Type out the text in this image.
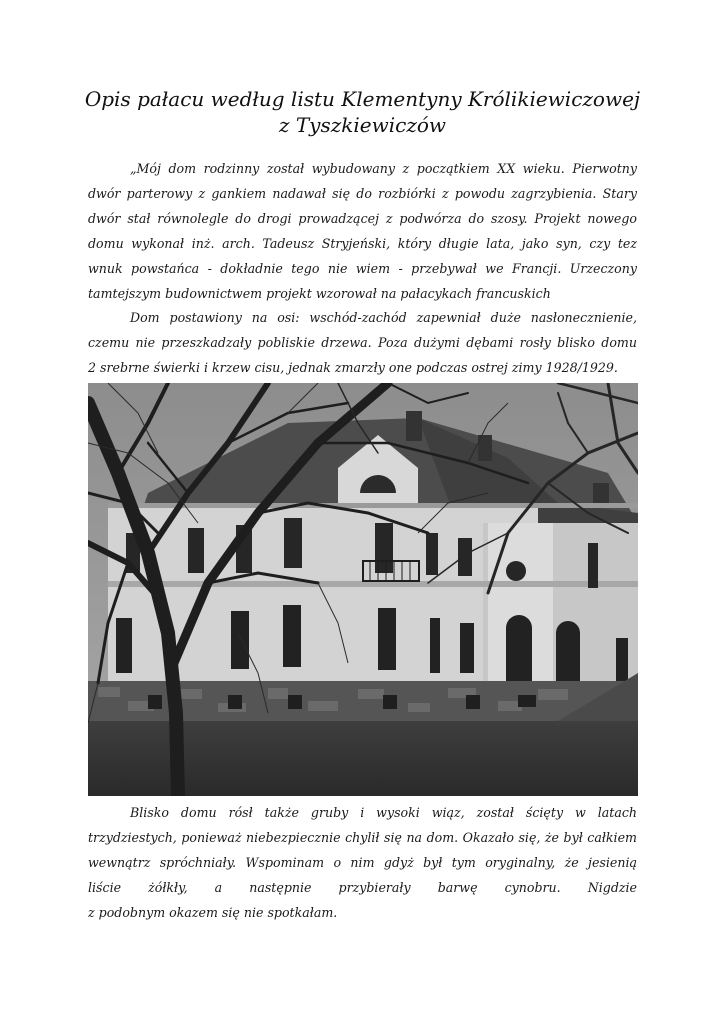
Opis pałacu według listu Klementyny Królikiewiczowej
z Tyszkiewiczów
„Mój dom rodzinny został wybudowany z początkiem XX wieku. Pierwotny
dwór parterowy z gankiem nadawał się do rozbiórki z powodu zagrzybienia. Stary
dwór stał równolegle do drogi prowadzącej z podwórza do szosy. Projekt nowego
domu wykonał inż. arch. Tadeusz Stryjeński, który długie lata, jako syn, czy tez
wnuk powstańca - dokładnie tego nie wiem - przebywał we Francji. Urzeczony
tamtejszym budownictwem projekt wzorował na pałacykach francuskich
Dom postawiony na osi: wschód-zachód zapewniał duże nasłonecznienie,
czemu nie przeszkadzały pobliskie drzewa. Poza dużymi dębami rosły blisko domu
2 srebrne świerki i krzew cisu, jednak zmarzły one podczas ostrej zimy 1928/1929.
Blisko domu rósł także gruby i wysoki wiąz, został ścięty w latach
trzydziestych, ponieważ niebezpiecznie chylił się na dom. Okazało się, że był całkiem
wewnątrz spróchniały. Wspominam o nim gdyż był tym oryginalny, że jesienią
liście żółkły, a następnie przybierały barwę cynobru. Nigdzie
z podobnym okazem się nie spotkałam.
